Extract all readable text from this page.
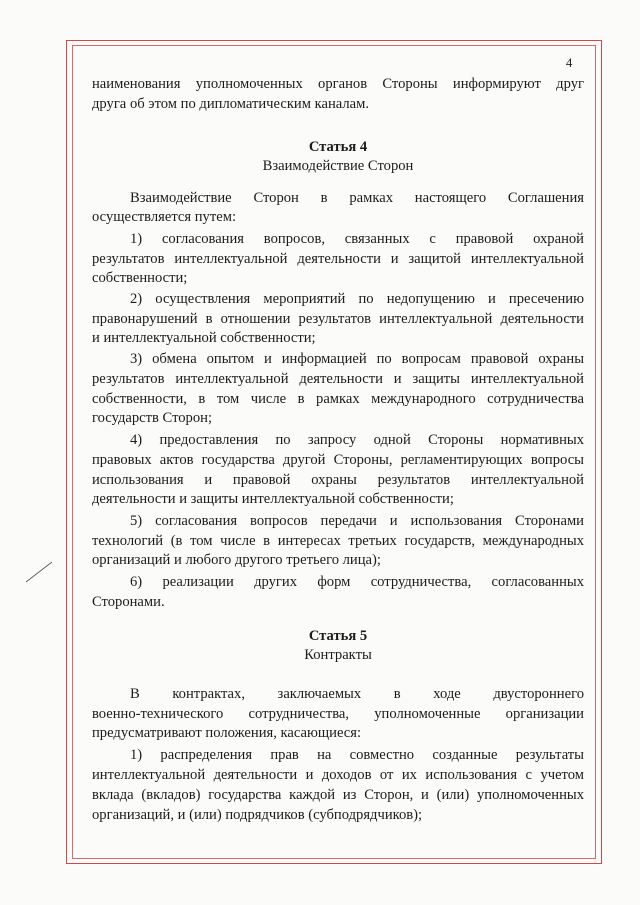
4
Статья 4
Взаимодействие Сторон
Статья 5
Контракты
наименования уполномоченных органов Стороны информируют друг
друга об этом по дипломатическим каналам.
Взаимодействие Сторон в рамках настоящего Соглашения
осуществляется путем:
1) согласования вопросов, связанных с правовой охраной
результатов интеллектуальной деятельности и защитой интеллектуальной
собственности;
2) осуществления мероприятий по недопущению и пресечению
правонарушений в отношении результатов интеллектуальной деятельности
и интеллектуальной собственности;
3) обмена опытом и информацией по вопросам правовой охраны
результатов интеллектуальной деятельности и защиты интеллектуальной
собственности, в том числе в рамках международного сотрудничества
государств Сторон;
4) предоставления по запросу одной Стороны нормативных
правовых актов государства другой Стороны, регламентирующих вопросы
использования и правовой охраны результатов интеллектуальной
деятельности и защиты интеллектуальной собственности;
5) согласования вопросов передачи и использования Сторонами
технологий (в том числе в интересах третьих государств, международных
организаций и любого другого третьего лица);
6) реализации других форм сотрудничества, согласованных
Сторонами.
В контрактах, заключаемых в ходе двустороннего
военно-технического сотрудничества, уполномоченные организации
предусматривают положения, касающиеся:
1) распределения прав на совместно созданные результаты
интеллектуальной деятельности и доходов от их использования с учетом
вклада (вкладов) государства каждой из Сторон, и (или) уполномоченных
организаций, и (или) подрядчиков (субподрядчиков);
